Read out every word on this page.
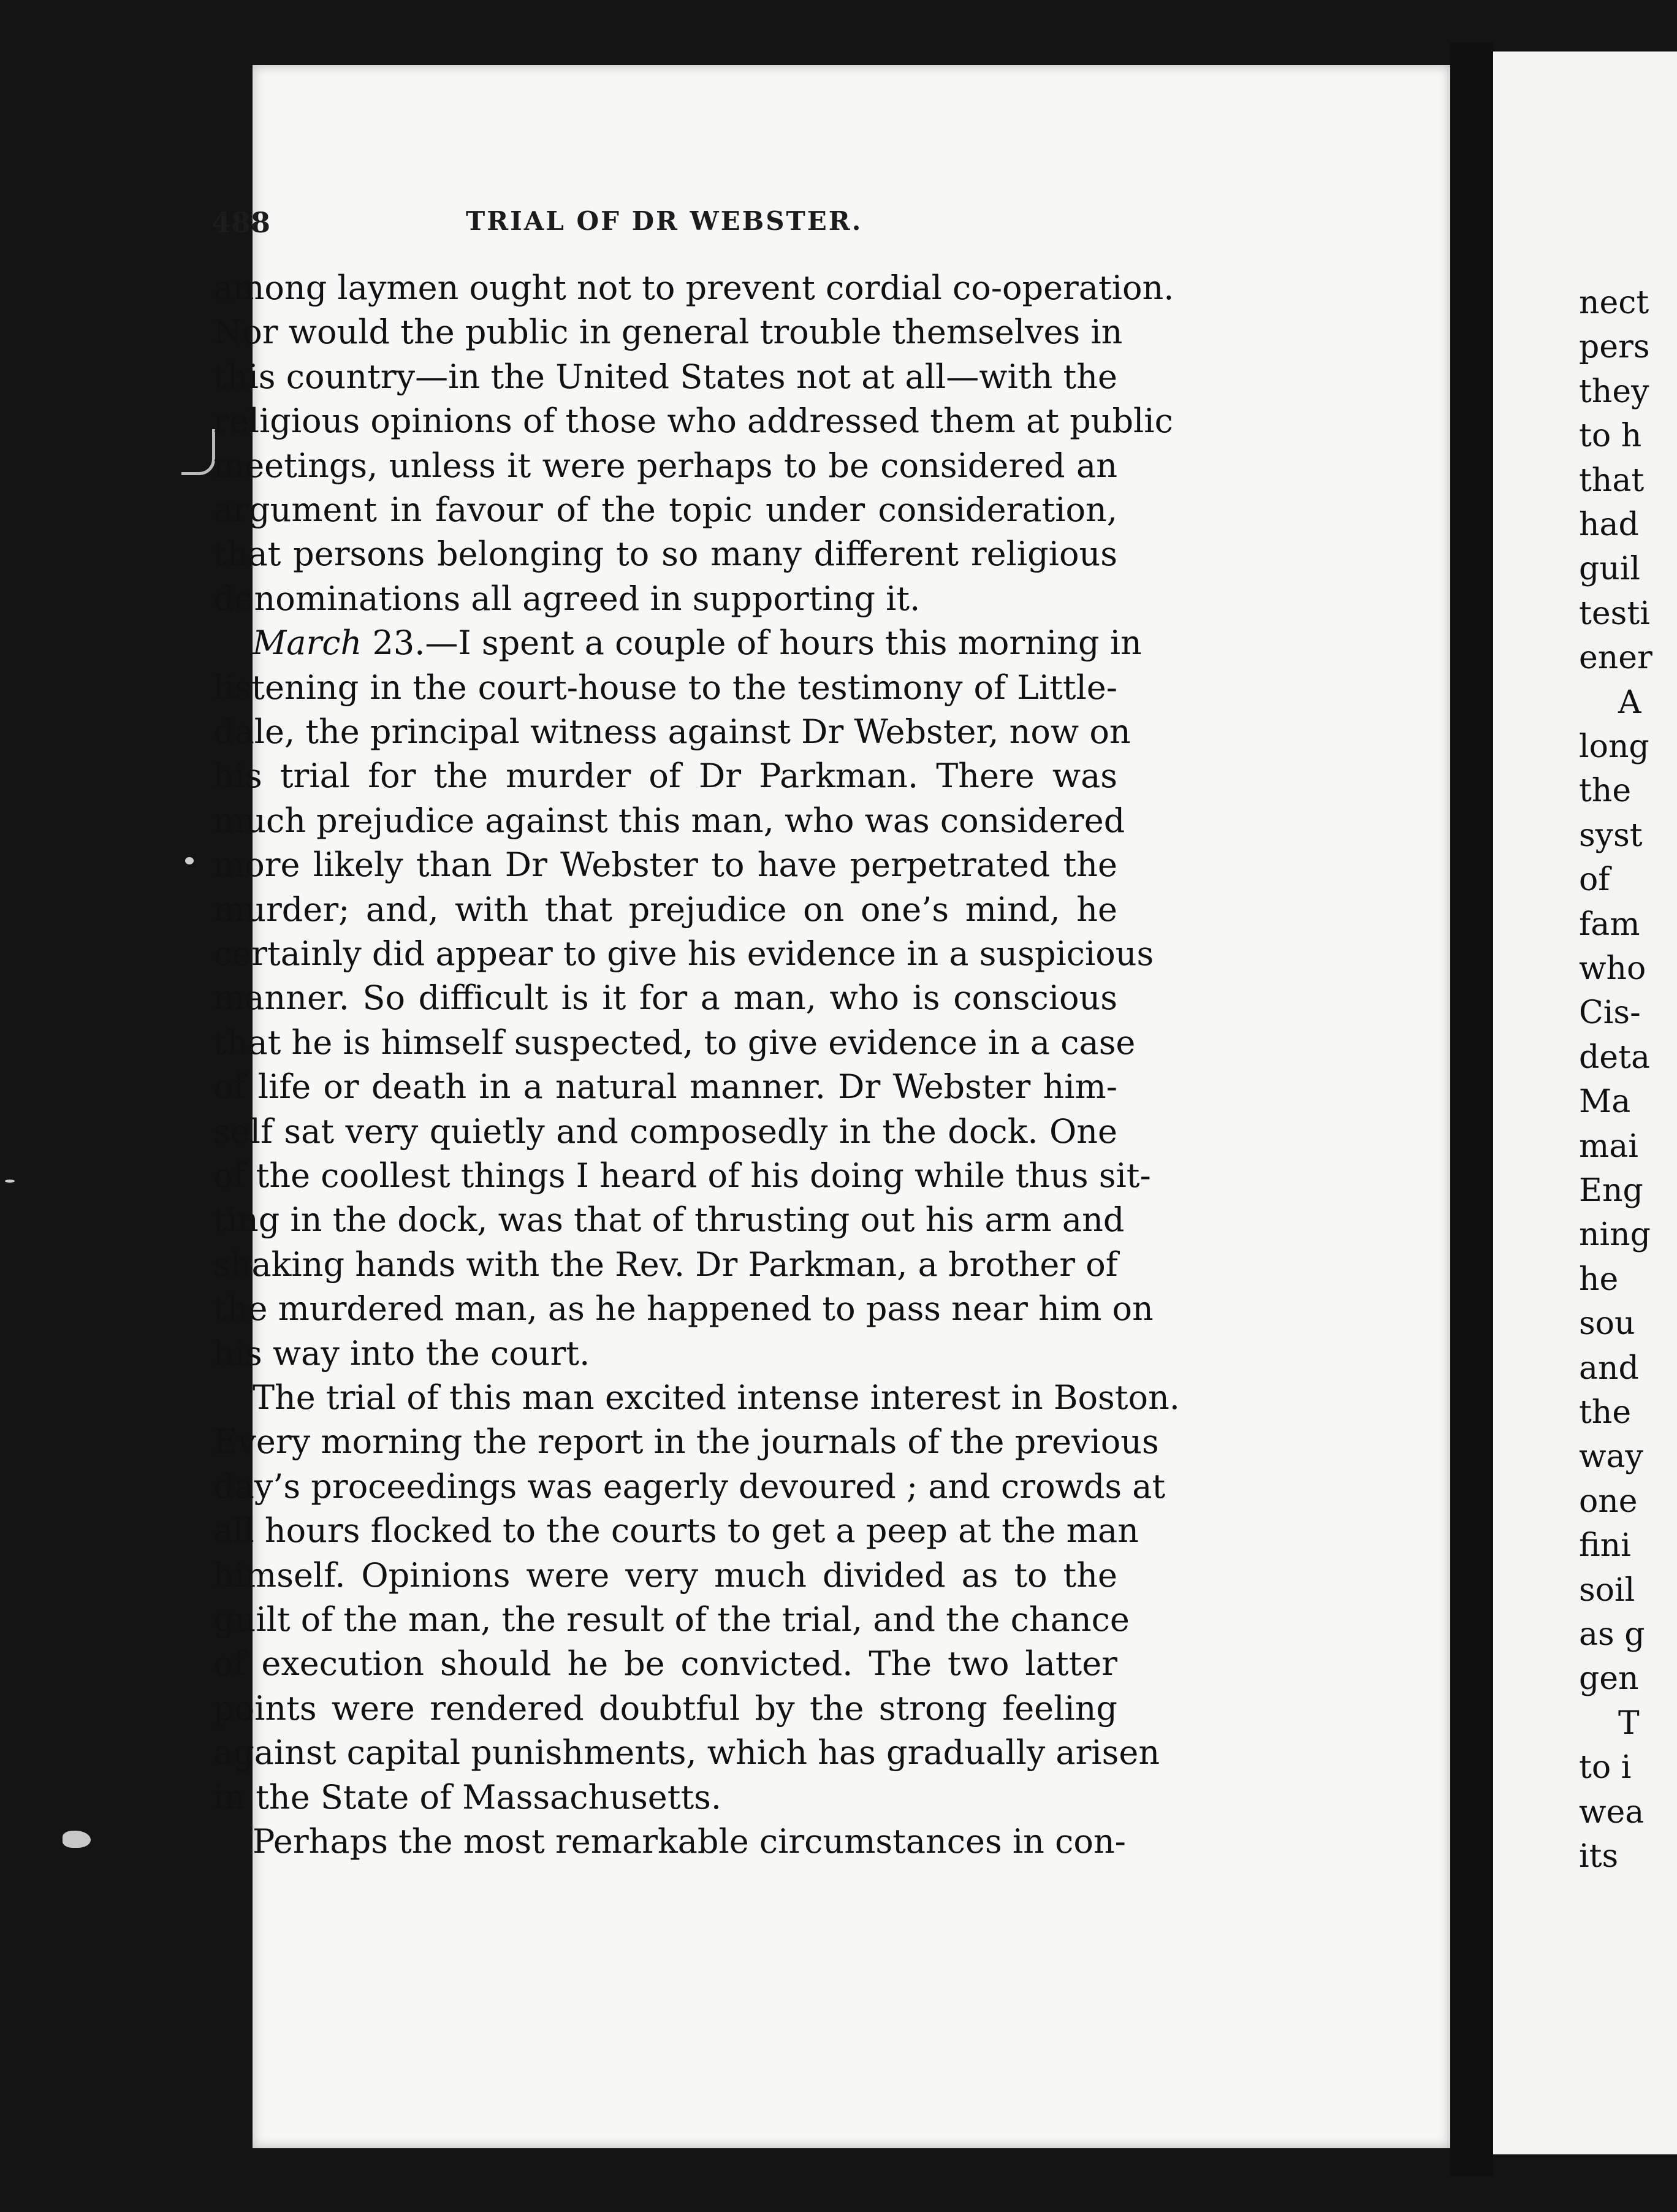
488	TRIAL OF DR WEBSTER.
among laymen ought not to prevent cordial co-operation.
Nor would the public in general trouble themselves in
this country—in the United States not at all—with the
religious opinions of those who addressed them at public
meetings, unless it were perhaps to be considered an
argument in favour of the topic under consideration,
that persons belonging to so many different religious
denominations all agreed in supporting it.
March 23.—I spent a couple of hours this morning in
listening in the court-house to the testimony of Little-
dale, the principal witness against Dr Webster, now on
his trial for the murder of Dr Parkman. There was
much prejudice against this man, who was considered
more likely than Dr Webster to have perpetrated the
murder; and, with that prejudice on one’s mind, he
certainly did appear to give his evidence in a suspicious
manner. So difficult is it for a man, who is conscious
that he is himself suspected, to give evidence in a case
of life or death in a natural manner. Dr Webster him-
self sat very quietly and composedly in the dock. One
of the coollest things I heard of his doing while thus sit-
ting in the dock, was that of thrusting out his arm and
shaking hands with the Rev. Dr Parkman, a brother of
the murdered man, as he happened to pass near him on
his way into the court.
The trial of this man excited intense interest in Boston.
Every morning the report in the journals of the previous
day’s proceedings was eagerly devoured ; and crowds at
all hours flocked to the courts to get a peep at the man
himself. Opinions were very much divided as to the
guilt of the man, the result of the trial, and the chance
of execution should he be convicted. The two latter
points were rendered doubtful by the strong feeling
against capital punishments, which has gradually arisen
in the State of Massachusetts.
Perhaps the most remarkable circumstances in con-
nect
pers
they
to h
that
had
guil
testi
ener
A
long
the
syst
of
fam
who
Cis-
deta
Ma
mai
Eng
ning
he
sou
and
the
way
one
fini
soil
as g
gen
T
to i
wea
its
